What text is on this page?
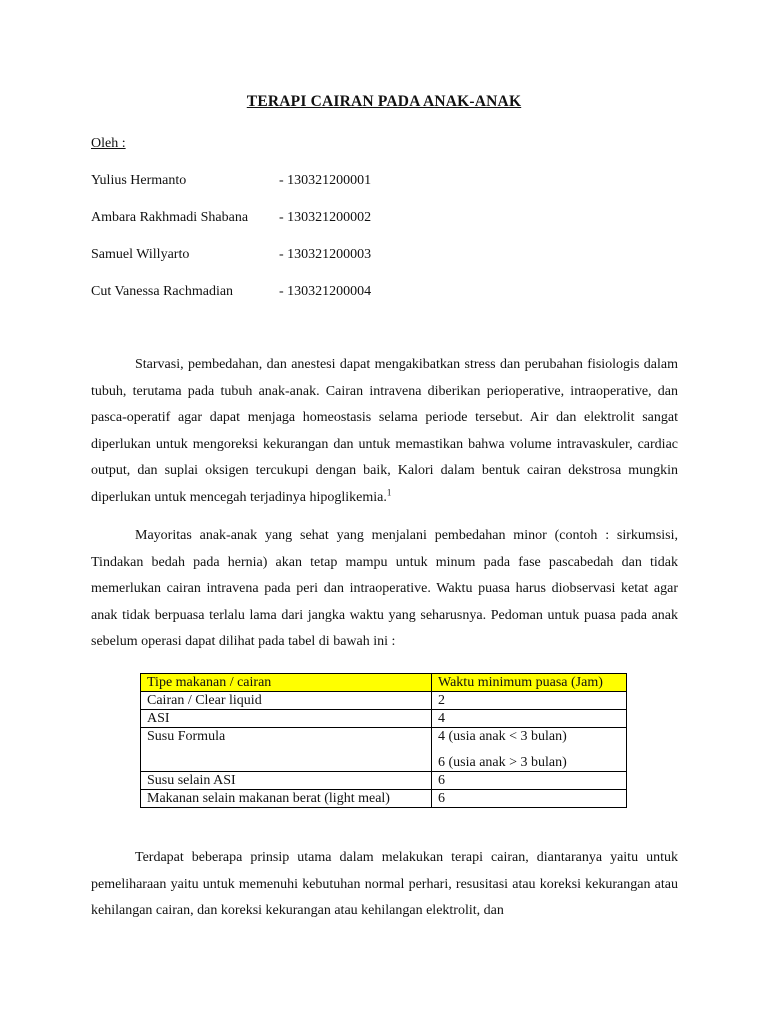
TERAPI CAIRAN PADA ANAK-ANAK
Oleh :
Yulius Hermanto	- 130321200001
Ambara Rakhmadi Shabana - 130321200002
Samuel Willyarto	- 130321200003
Cut Vanessa Rachmadian	- 130321200004

Starvasi, pembedahan, dan anestesi dapat mengakibatkan stress dan perubahan fisiologis dalam tubuh, terutama pada tubuh anak-anak. Cairan intravena diberikan perioperative, intraoperative, dan pasca-operatif agar dapat menjaga homeostasis selama periode tersebut. Air dan elektrolit sangat diperlukan untuk mengoreksi kekurangan dan untuk memastikan bahwa volume intravaskuler, cardiac output, dan suplai oksigen tercukupi dengan baik, Kalori dalam bentuk cairan dekstrosa mungkin diperlukan untuk mencegah terjadinya hipoglikemia.$^1$

Mayoritas anak-anak yang sehat yang menjalani pembedahan minor (contoh : sirkumsisi, Tindakan bedah pada hernia) akan tetap mampu untuk minum pada fase pascabedah dan tidak memerlukan cairan intravena pada peri dan intraoperative. Waktu puasa harus diobservasi ketat agar anak tidak berpuasa terlalu lama dari jangka waktu yang seharusnya. Pedoman untuk puasa pada anak sebelum operasi dapat dilihat pada tabel di bawah ini :

Tipe makanan / cairan	Waktu minimum puasa (Jam)
Cairan / Clear liquid	2
ASI	4
Susu Formula	4 (usia anak < 3 bulan)
6 (usia anak > 3 bulan)

Susu selain ASI	6
Makanan selain makanan berat (light meal)	6

Terdapat beberapa prinsip utama dalam melakukan terapi cairan, diantaranya yaitu untuk pemeliharaan yaitu untuk memenuhi kebutuhan normal perhari, resusitasi atau koreksi kekurangan atau kehilangan cairan, dan koreksi kekurangan atau kehilangan elektrolit, dan
